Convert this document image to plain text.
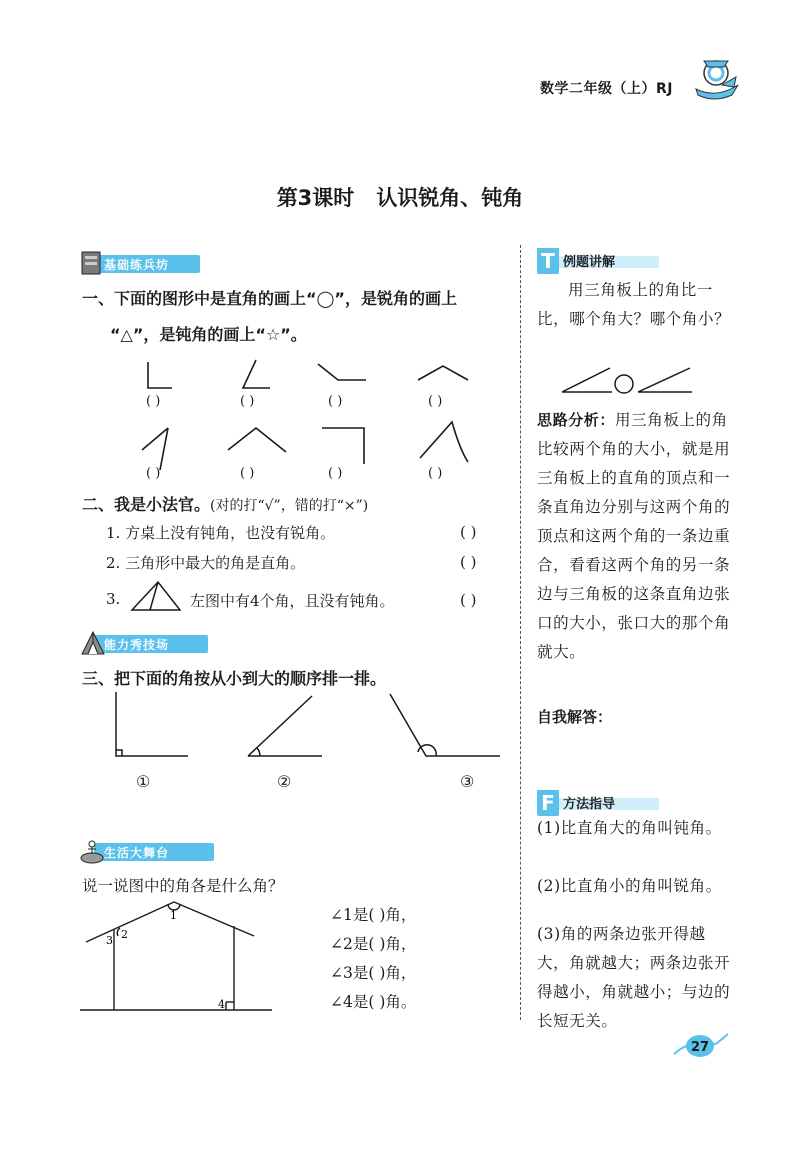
数学二年级（上）RJ
第3课时 认识锐角、钝角
基础练兵坊
一、下面的图形中是直角的画上“◯”，是锐角的画上
“△”，是钝角的画上“☆”。
( )	( )	( )	( )
( )	( )	( )	( )
二、我是小法官。(对的打“√”，错的打“×”)
1. 方桌上没有钝角，也没有锐角。	( )
2. 三角形中最大的角是直角。	( )
3.	左图中有4个角，且没有钝角。	( )
能力秀技场
三、把下面的角按从小到大的顺序排一排。
①	②	③
生活大舞台
说一说图中的角各是什么角？
1
2
3
4
∠1是( )角，
∠2是( )角，
∠3是( )角，
∠4是( )角。
T 例题讲解
用三角板上的角比一比，哪个角大？哪个角小？
思路分析：用三角板上的角比较两个角的大小，就是用三角板上的直角的顶点和一条直角边分别与这两个角的顶点和这两个角的一条边重合，看看这两个角的另一条边与三角板的这条直角边张口的大小，张口大的那个角就大。
自我解答：
F 方法指导
(1)比直角大的角叫钝角。
(2)比直角小的角叫锐角。
(3)角的两条边张开得越大，角就越大；两条边张开得越小，角就越小；与边的长短无关。
27
